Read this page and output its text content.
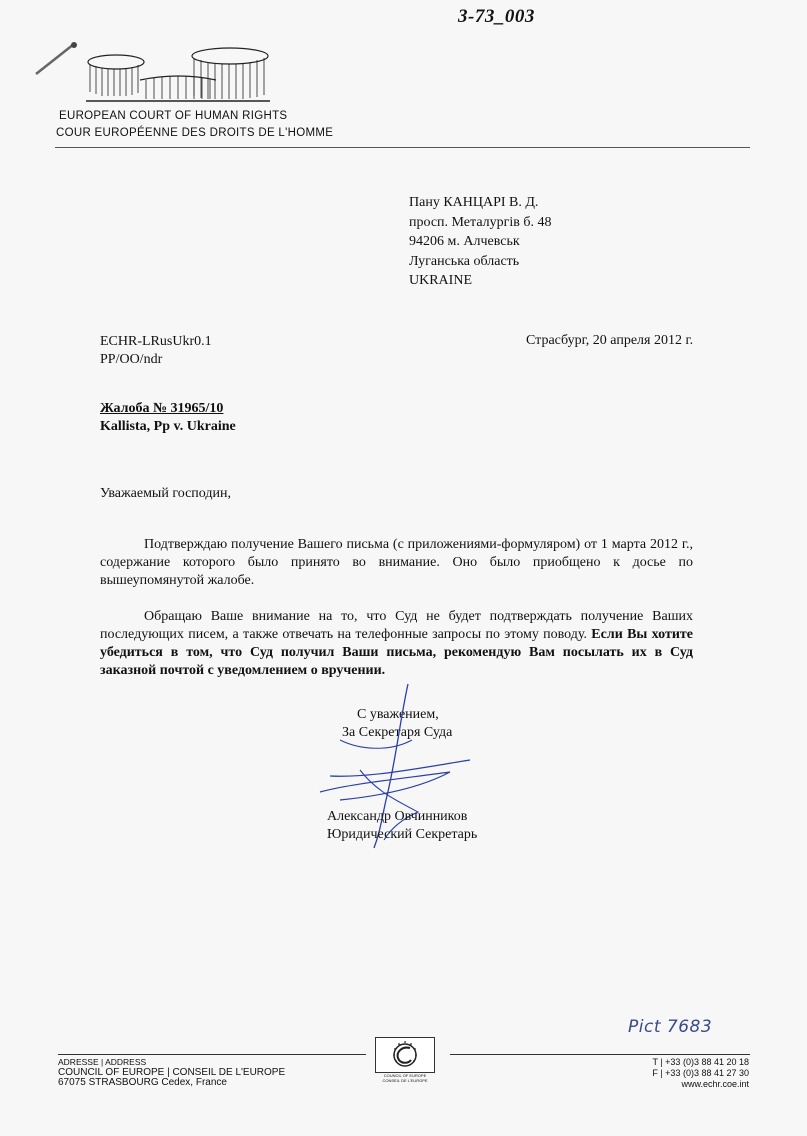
3-73_003
EUROPEAN COURT OF HUMAN RIGHTS
COUR EUROPÉENNE DES DROITS DE L'HOMME
Пану КАНЦАРІ В. Д.
просп. Металургів б. 48
94206 м. Алчевськ
Луганська область
UKRAINE
ECHR-LRusUkr0.1
PP/OO/ndr
Страсбург, 20 апреля 2012 г.
Жалоба № 31965/10
Kallista, Pp v. Ukraine
Уважаемый господин,
Подтверждаю получение Вашего письма (с приложениями-формуляром) от 1 марта 2012 г., содержание которого было принято во внимание. Оно было приобщено к досье по вышеупомянутой жалобе.
Обращаю Ваше внимание на то, что Суд не будет подтверждать получение Ваших последующих писем, а также отвечать на телефонные запросы по этому поводу. Если Вы хотите убедиться в том, что Суд получил Ваши письма, рекомендую Вам посылать их в Суд заказной почтой с уведомлением о вручении.
С уважением,
За Секретаря Суда
Александр Овчинников
Юридический Секретарь
Pict 7683
ADRESSE | ADDRESS
COUNCIL OF EUROPE | CONSEIL DE L'EUROPE
67075 STRASBOURG Cedex, France
COUNCIL OF EUROPE CONSEIL DE L'EUROPE
T | +33 (0)3 88 41 20 18
F | +33 (0)3 88 41 27 30
www.echr.coe.int
